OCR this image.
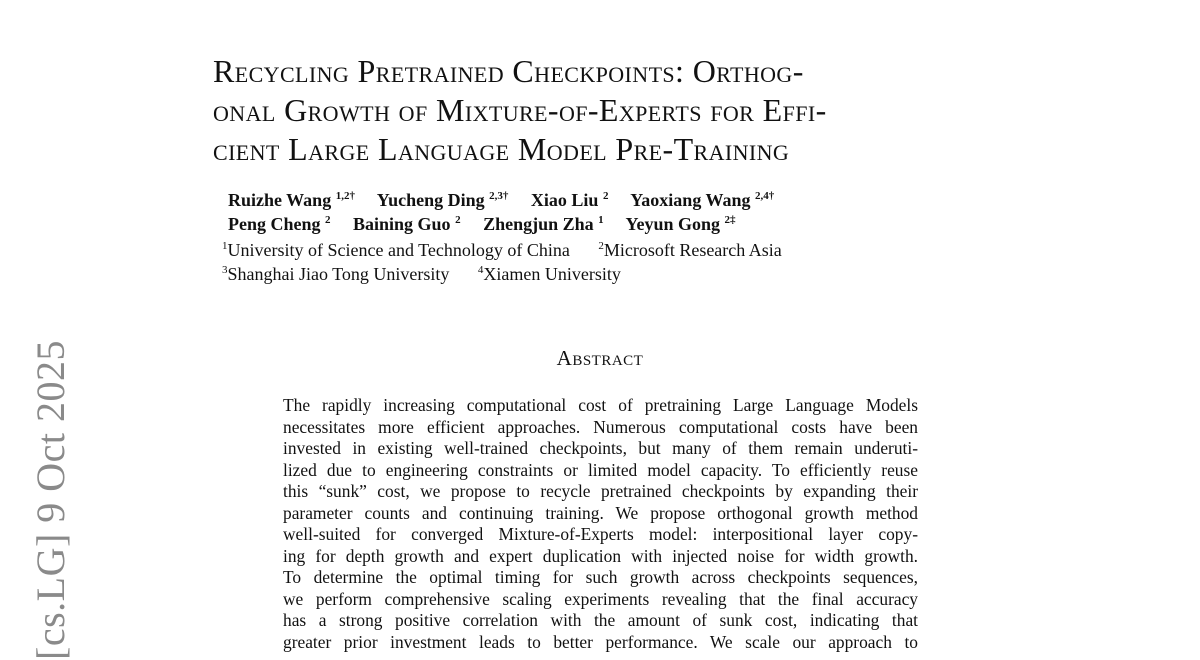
[cs.LG] 9 Oct 2025
Recycling Pretrained Checkpoints: Orthog-
onal Growth of Mixture-of-Experts for Effi-
cient Large Language Model Pre-Training
Ruizhe Wang $^{1,2\dagger}$ Yucheng Ding $^{2,3\dagger}$ Xiao Liu $^2$ Yaoxiang Wang $^{2,4\dagger}$
Peng Cheng $^2$ Baining Guo $^2$ Zhengjun Zha $^1$ Yeyun Gong $^{2\ddagger}$
$^1$University of Science and Technology of China	$^2$Microsoft Research Asia
$^3$Shanghai Jiao Tong University	$^4$Xiamen University
Abstract
The rapidly increasing computational cost of pretraining Large Language Models
necessitates more efficient approaches. Numerous computational costs have been
invested in existing well-trained checkpoints, but many of them remain underuti-
lized due to engineering constraints or limited model capacity. To efficiently reuse
this “sunk” cost, we propose to recycle pretrained checkpoints by expanding their
parameter counts and continuing training. We propose orthogonal growth method
well-suited for converged Mixture-of-Experts model: interpositional layer copy-
ing for depth growth and expert duplication with injected noise for width growth.
To determine the optimal timing for such growth across checkpoints sequences,
we perform comprehensive scaling experiments revealing that the final accuracy
has a strong positive correlation with the amount of sunk cost, indicating that
greater prior investment leads to better performance. We scale our approach to
